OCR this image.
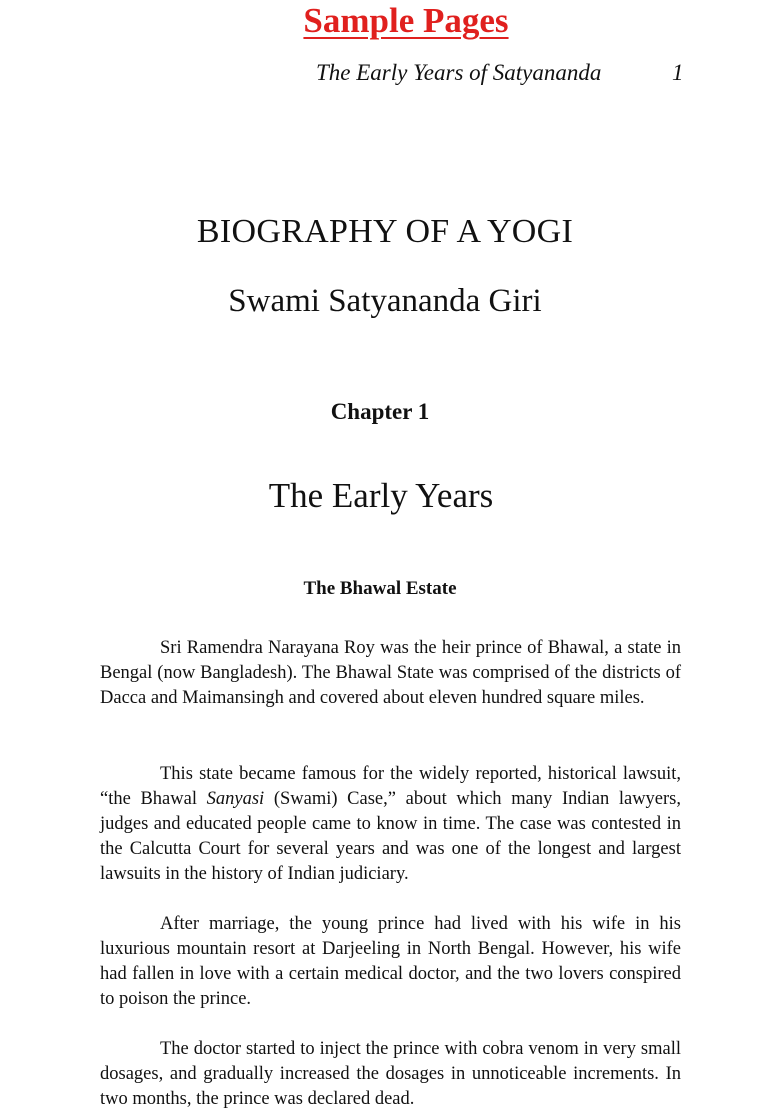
Sample Pages
The Early Years of Satyananda	1
BIOGRAPHY OF A YOGI
Swami Satyananda Giri
Chapter 1
The Early Years
The Bhawal Estate

Sri Ramendra Narayana Roy was the heir prince of Bhawal, a state in Bengal (now Bangladesh). The Bhawal State was comprised of the districts of Dacca and Maimansingh and covered about eleven hundred square miles.

This state became famous for the widely reported, historical lawsuit, “the Bhawal Sanyasi (Swami) Case,” about which many Indian lawyers, judges and educated people came to know in time. The case was contested in the Calcutta Court for several years and was one of the longest and largest lawsuits in the history of Indian judiciary.

After marriage, the young prince had lived with his wife in his luxurious mountain resort at Darjeeling in North Bengal. However, his wife had fallen in love with a certain medical doctor, and the two lovers conspired to poison the prince.

The doctor started to inject the prince with cobra venom in very small dosages, and gradually increased the dosages in unnoticeable increments. In two months, the prince was declared dead.
